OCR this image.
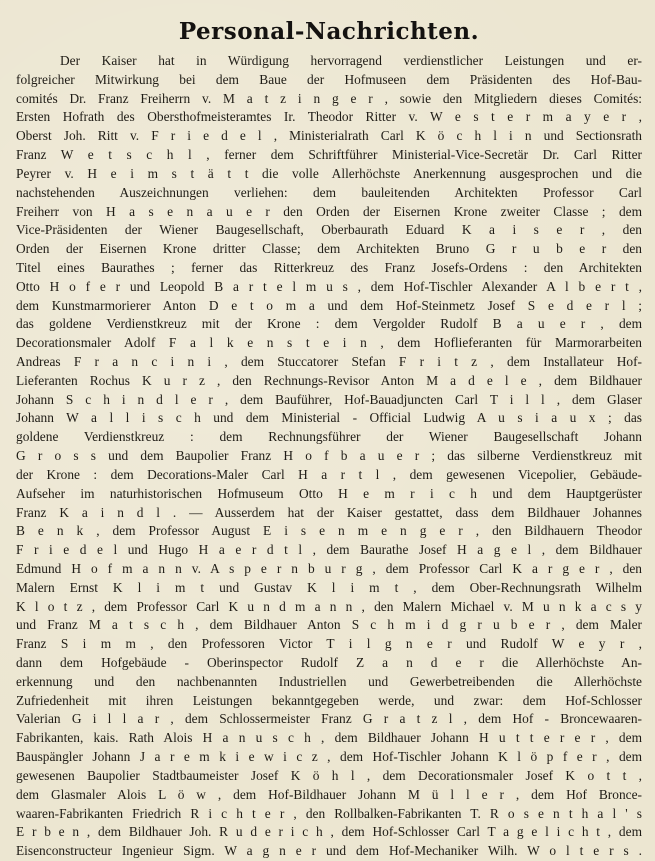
Personal-Nachrichten.
Der Kaiser hat in Würdigung hervorragend verdienstlicher Leistungen und er-
folgreicher Mitwirkung bei dem Baue der Hofmuseen dem Präsidenten des Hof-Bau-
comités Dr. Franz Freiherrn v. M a t z i n g e r , sowie den Mitgliedern dieses Comités:
Ersten Hofrath des Obersthofmeisteramtes Ir. Theodor Ritter v. W e s t e r m a y e r ,
Oberst Joh. Ritt v. F r i e d e l , Ministerialrath Carl K ö c h l i n und Sectionsrath
Franz W e t s c h l , ferner dem Schriftführer Ministerial-Vice-Secretär Dr. Carl Ritter
Peyrer v. H e i m s t ä t t die volle Allerhöchste Anerkennung ausgesprochen und die
nachstehenden Auszeichnungen verliehen: dem bauleitenden Architekten Professor Carl
Freiherr von H a s e n a u e r den Orden der Eisernen Krone zweiter Classe ; dem
Vice-Präsidenten der Wiener Baugesellschaft, Oberbaurath Eduard K a i s e r , den
Orden der Eisernen Krone dritter Classe; dem Architekten Bruno G r u b e r den
Titel eines Baurathes ; ferner das Ritterkreuz des Franz Josefs-Ordens : den Architekten
Otto H o f e r und Leopold B a r t e l m u s , dem Hof-Tischler Alexander A l b e r t ,
dem Kunstmarmorierer Anton D e t o m a und dem Hof-Steinmetz Josef S e d e r l ;
das goldene Verdienstkreuz mit der Krone : dem Vergolder Rudolf B a u e r , dem
Decorationsmaler Adolf F a l k e n s t e i n , dem Hoflieferanten für Marmorarbeiten
Andreas F r a n c i n i , dem Stuccatorer Stefan F r i t z , dem Installateur Hof-
Lieferanten Rochus K u r z , den Rechnungs-Revisor Anton M a d e l e , dem Bildhauer
Johann S c h i n d l e r , dem Bauführer, Hof-Bauadjuncten Carl T i l l , dem Glaser
Johann W a l l i s c h und dem Ministerial - Official Ludwig A u s i a u x ; das
goldene Verdienstkreuz : dem Rechnungsführer der Wiener Baugesellschaft Johann
G r o s s und dem Baupolier Franz H o f b a u e r ; das silberne Verdienstkreuz mit
der Krone : dem Decorations-Maler Carl H a r t l , dem gewesenen Vicepolier, Gebäude-
Aufseher im naturhistorischen Hofmuseum Otto H e m r i c h und dem Hauptgerüster
Franz K a i n d l . — Ausserdem hat der Kaiser gestattet, dass dem Bildhauer Johannes
B e n k , dem Professor August E i s e n m e n g e r , den Bildhauern Theodor
F r i e d e l und Hugo H a e r d t l , dem Baurathe Josef H a g e l , dem Bildhauer
Edmund H o f m a n n v. A s p e r n b u r g , dem Professor Carl K a r g e r , den
Malern Ernst K l i m t und Gustav K l i m t , dem Ober-Rechnungsrath Wilhelm
K l o t z , dem Professor Carl K u n d m a n n , den Malern Michael v. M u n k a c s y
und Franz M a t s c h , dem Bildhauer Anton S c h m i d g r u b e r , dem Maler
Franz S i m m , den Professoren Victor T i l g n e r und Rudolf W e y r ,
dann dem Hofgebäude - Oberinspector Rudolf Z a n d e r die Allerhöchste An-
erkennung und den nachbenannten Industriellen und Gewerbetreibenden die Allerhöchste
Zufriedenheit mit ihren Leistungen bekanntgegeben werde, und zwar: dem Hof-Schlosser
Valerian G i l l a r , dem Schlossermeister Franz G r a t z l , dem Hof - Broncewaaren-
Fabrikanten, kais. Rath Alois H a n u s c h , dem Bildhauer Johann H u t t e r e r , dem
Bauspängler Johann J a r e m k i e w i c z , dem Hof-Tischler Johann K l ö p f e r , dem
gewesenen Baupolier Stadtbaumeister Josef K ö h l , dem Decorationsmaler Josef K o t t ,
dem Glasmaler Alois L ö w , dem Hof-Bildhauer Johann M ü l l e r , dem Hof Bronce-
waaren-Fabrikanten Friedrich R i c h t e r , den Rollbalken-Fabrikanten T. R o s e n t h a l ' s
E r b e n , dem Bildhauer Joh. R u d e r i c h , dem Hof-Schlosser Carl T a g e l i c h t , dem
Eisenconstructeur Ingenieur Sigm. W a g n e r und dem Hof-Mechaniker Wilh. W o l t e r s .
